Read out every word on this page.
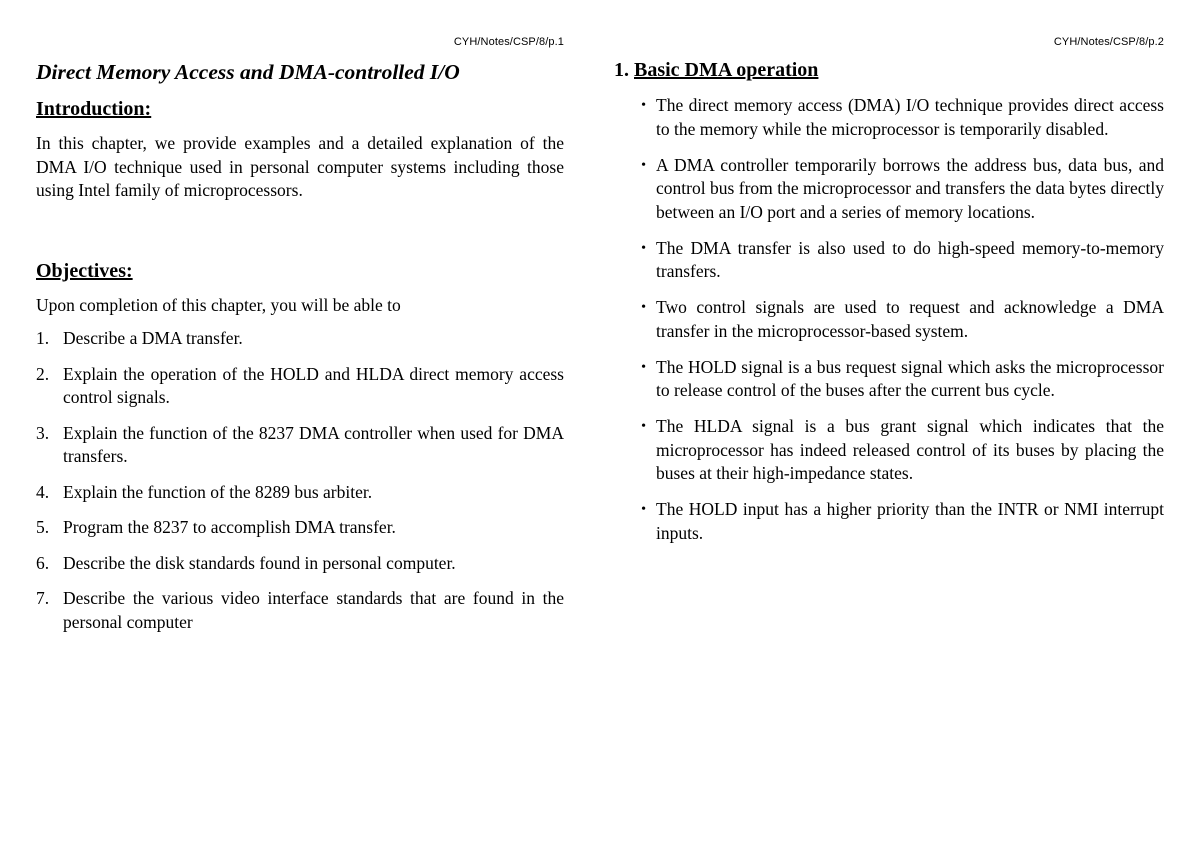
CYH/Notes/CSP/8/p.1
Direct Memory Access and DMA-controlled I/O
Introduction:

In this chapter, we provide examples and a detailed explanation of the DMA I/O technique used in personal computer systems including those using Intel family of microprocessors.

Objectives:

Upon completion of this chapter, you will be able to

1. Describe a DMA transfer.
2. Explain the operation of the HOLD and HLDA direct memory access control signals.
3. Explain the function of the 8237 DMA controller when used for DMA transfers.
4. Explain the function of the 8289 bus arbiter.
5. Program the 8237 to accomplish DMA transfer.
6. Describe the disk standards found in personal computer.
7. Describe the various video interface standards that are found in the personal computer
CYH/Notes/CSP/8/p.2
1. Basic DMA operation
• The direct memory access (DMA) I/O technique provides direct access to the memory while the microprocessor is temporarily disabled.
• A DMA controller temporarily borrows the address bus, data bus, and control bus from the microprocessor and transfers the data bytes directly between an I/O port and a series of memory locations.
• The DMA transfer is also used to do high-speed memory-to-memory transfers.
• Two control signals are used to request and acknowledge a DMA transfer in the microprocessor-based system.
• The HOLD signal is a bus request signal which asks the microprocessor to release control of the buses after the current bus cycle.
• The HLDA signal is a bus grant signal which indicates that the microprocessor has indeed released control of its buses by placing the buses at their high-impedance states.
• The HOLD input has a higher priority than the INTR or NMI interrupt inputs.
